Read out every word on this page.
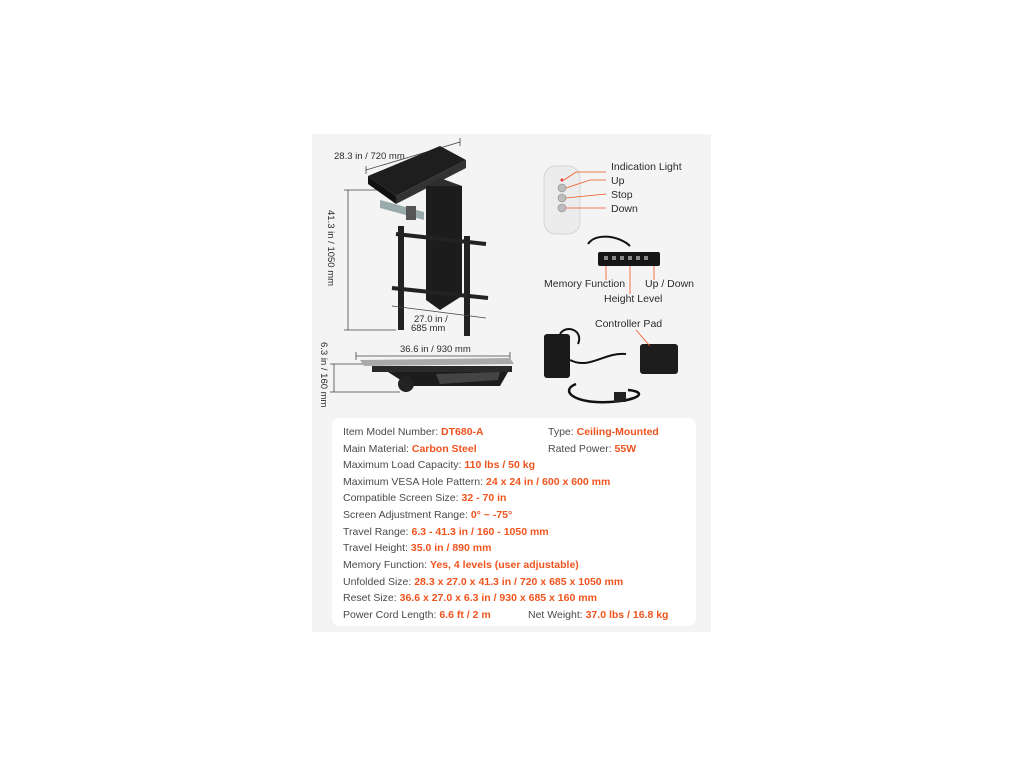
28.3 in / 720 mm
41.3 in / 1050 mm
27.0 in /
685 mm
36.6 in / 930 mm
6.3 in / 160 mm
Indication Light
Up
Stop
Down
Memory Function Up / Down
Height Level
Controller Pad
Item Model Number: DT680-A	Type: Ceiling-Mounted
Main Material: Carbon Steel	Rated Power: 55W
Maximum Load Capacity: 110 lbs / 50 kg
Maximum VESA Hole Pattern: 24 x 24 in / 600 x 600 mm
Compatible Screen Size: 32 - 70 in
Screen Adjustment Range: 0° ~ -75°
Travel Range: 6.3 - 41.3 in / 160 - 1050 mm
Travel Height: 35.0 in / 890 mm
Memory Function: Yes, 4 levels (user adjustable)
Unfolded Size: 28.3 x 27.0 x 41.3 in / 720 x 685 x 1050 mm
Reset Size: 36.6 x 27.0 x 6.3 in / 930 x 685 x 160 mm
Power Cord Length: 6.6 ft / 2 m	Net Weight: 37.0 lbs / 16.8 kg
